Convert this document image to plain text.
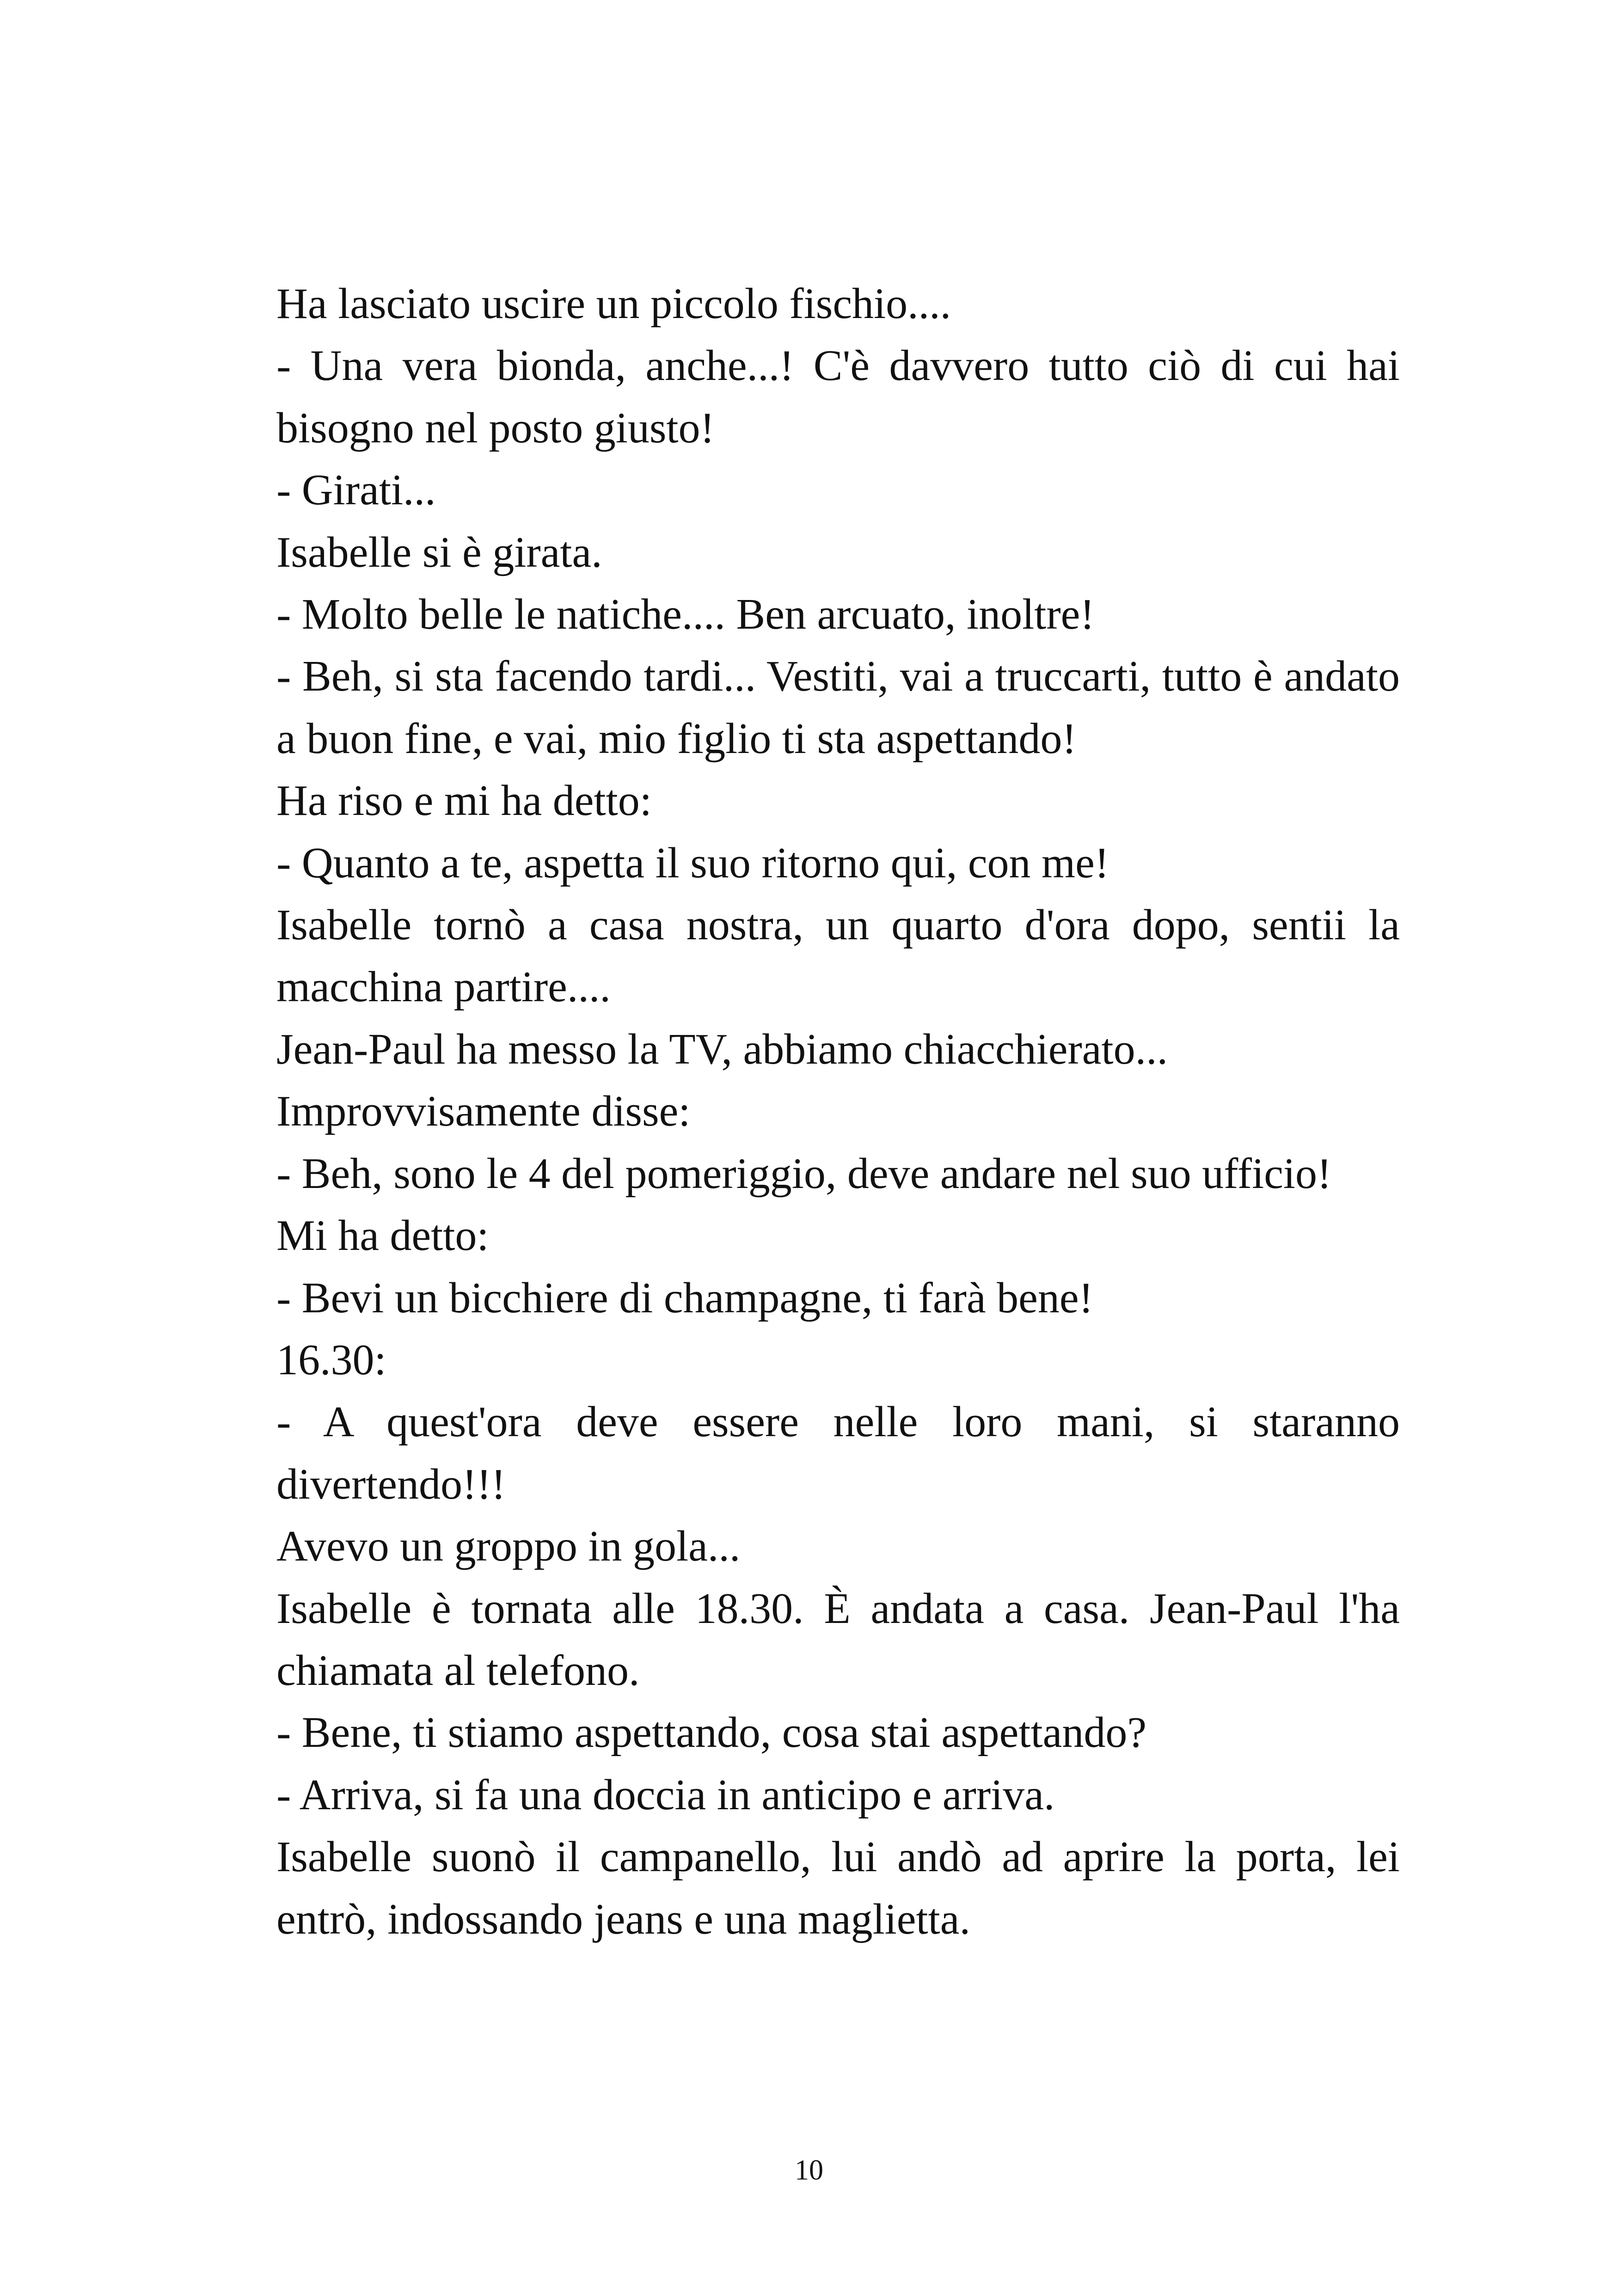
Ha lasciato uscire un piccolo fischio....

- Una vera bionda, anche...! C'è davvero tutto ciò di cui hai bisogno nel posto giusto!

- Girati...

Isabelle si è girata.

- Molto belle le natiche.... Ben arcuato, inoltre!

- Beh, si sta facendo tardi... Vestiti, vai a truccarti, tutto è andato a buon fine, e vai, mio figlio ti sta aspettando!

Ha riso e mi ha detto:

- Quanto a te, aspetta il suo ritorno qui, con me!

Isabelle tornò a casa nostra, un quarto d'ora dopo, sentii la macchina partire....

Jean-Paul ha messo la TV, abbiamo chiacchierato...

Improvvisamente disse:

- Beh, sono le 4 del pomeriggio, deve andare nel suo ufficio!

Mi ha detto:

- Bevi un bicchiere di champagne, ti farà bene!

16.30:

- A quest'ora deve essere nelle loro mani, si staranno divertendo!!!

Avevo un groppo in gola...

Isabelle è tornata alle 18.30. È andata a casa. Jean-Paul l'ha chiamata al telefono.

- Bene, ti stiamo aspettando, cosa stai aspettando?

- Arriva, si fa una doccia in anticipo e arriva.

Isabelle suonò il campanello, lui andò ad aprire la porta, lei entrò, indossando jeans e una maglietta.

10
